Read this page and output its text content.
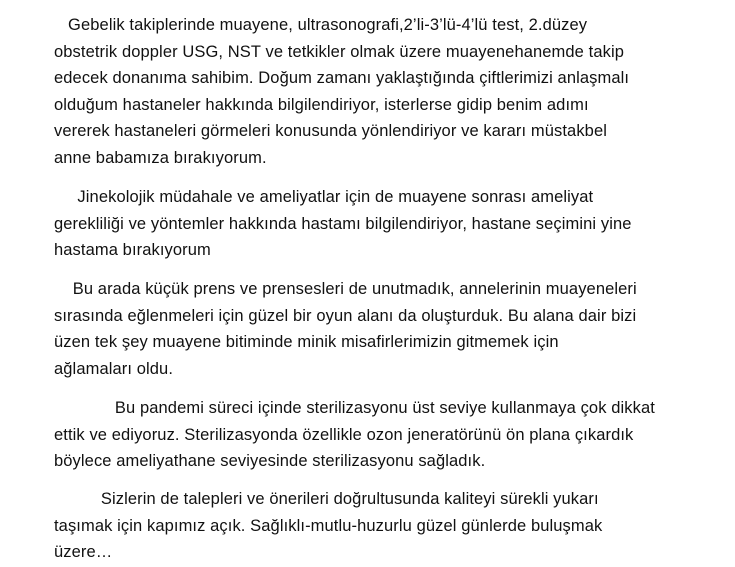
Gebelik takiplerinde muayene, ultrasonografi,2’li-3’lü-4’lü test, 2.düzey
obstetrik doppler USG, NST ve tetkikler olmak üzere muayenehanemde takip
edecek donanıma sahibim. Doğum zamanı yaklaştığında çiftlerimizi anlaşmalı
olduğum hastaneler hakkında bilgilendiriyor, isterlerse gidip benim adımı
vererek hastaneleri görmeleri konusunda yönlendiriyor ve kararı müstakbel
anne babamıza bırakıyorum.

Jinekolojik müdahale ve ameliyatlar için de muayene sonrası ameliyat
gerekliliği ve yöntemler hakkında hastamı bilgilendiriyor, hastane seçimini yine
hastama bırakıyorum

Bu arada küçük prens ve prensesleri de unutmadık, annelerinin muayeneleri
sırasında eğlenmeleri için güzel bir oyun alanı da oluşturduk. Bu alana dair bizi
üzen tek şey muayene bitiminde minik misafirlerimizin gitmemek için
ağlamaları oldu.

Bu pandemi süreci içinde sterilizasyonu üst seviye kullanmaya çok dikkat
ettik ve ediyoruz. Sterilizasyonda özellikle ozon jeneratörünü ön plana çıkardık
böylece ameliyathane seviyesinde sterilizasyonu sağladık.

Sizlerin de talepleri ve önerileri doğrultusunda kaliteyi sürekli yukarı
taşımak için kapımız açık. Sağlıklı-mutlu-huzurlu güzel günlerde buluşmak
üzere…
